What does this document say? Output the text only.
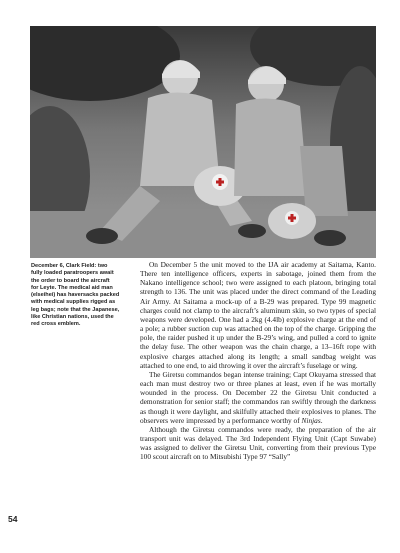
December 6, Clark Field: two

fully loaded paratroopers await

the order to board the aircraft

for Leyte. The medical aid man

(elseihei) has haversacks packed

with medical supplies rigged as

leg bags; note that the Japanese,

like Christian nations, used the

red cross emblem.

On December 5 the unit moved to the IJA air academy at Saitama, Kanto. There ten intelligence officers, experts in sabotage, joined them from the Nakano intelligence school; two were assigned to each platoon, bringing total strength to 136. The unit was placed under the direct command of the Leading Air Army. At Saitama a mock-up of a B-29 was prepared. Type 99 magnetic charges could not clamp to the aircraft’s aluminum skin, so two types of special weapons were developed. One had a 2kg (4.4lb) explosive charge at the end of a pole; a rubber suction cup was attached on the top of the charge. Gripping the pole, the raider pushed it up under the B-29’s wing, and pulled a cord to ignite the delay fuse. The other weapon was the chain charge, a 13–16ft rope with explosive charges attached along its length; a small sandbag weight was attached to one end, to aid throwing it over the aircraft’s fuselage or wing.

The Giretsu commandos began intense training; Capt Okuyama stressed that each man must destroy two or three planes at least, even if he was mortally wounded in the process. On December 22 the Giretsu Unit conducted a demonstration for senior staff; the commandos ran swiftly through the darkness as though it were daylight, and skilfully attached their explosives to planes. The observers were impressed by a performance worthy of Ninjas.

Although the Giretsu commandos were ready, the preparation of the air transport unit was delayed. The 3rd Independent Flying Unit (Capt Suwabe) was assigned to deliver the Giretsu Unit, converting from their previous Type 100 scout aircraft on to Mitsubishi Type 97 “Sally”

54
